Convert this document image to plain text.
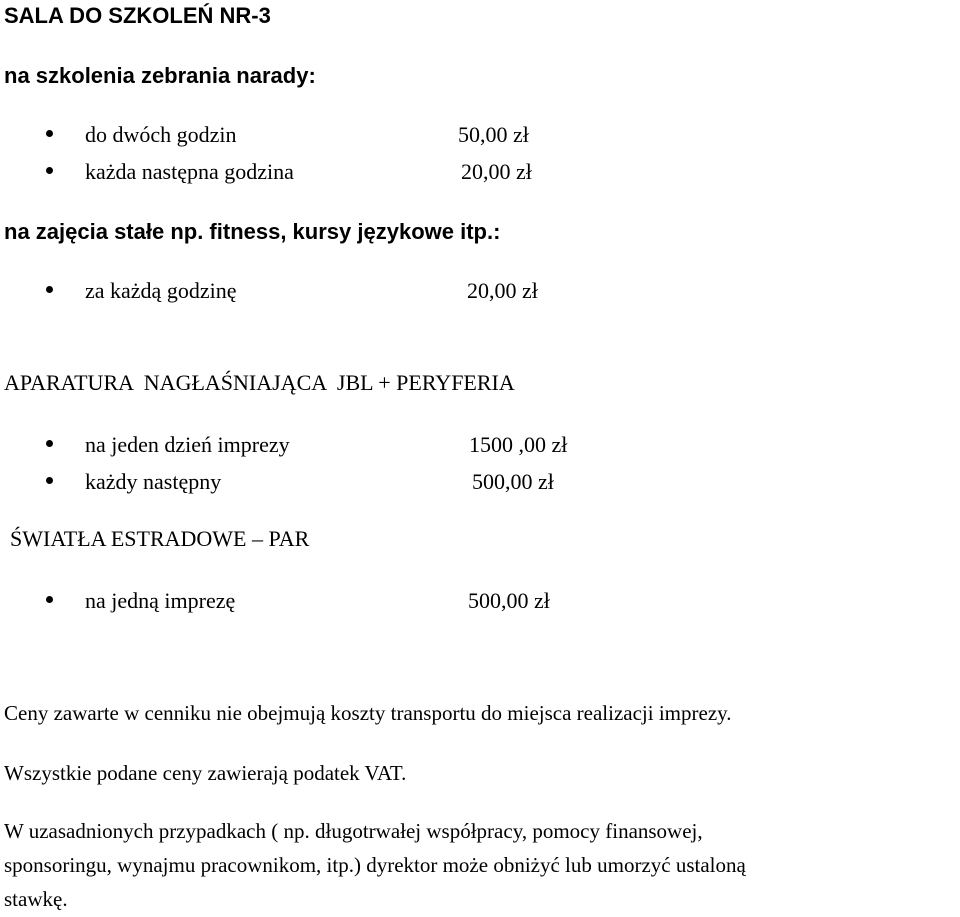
SALA DO SZKOLEŃ NR-3
na szkolenia zebrania narady:
do dwóch godzin	50,00 zł
każda następna godzina	20,00 zł
na zajęcia stałe np. fitness, kursy językowe itp.:
za każdą godzinę	20,00 zł
APARATURA  NAGŁAŚNIAJĄCA  JBL + PERYFERIA
na jeden dzień imprezy	1500 ,00 zł
każdy następny	500,00 zł
ŚWIATŁA ESTRADOWE – PAR
na jedną imprezę	500,00 zł
Ceny zawarte w cenniku nie obejmują koszty transportu do miejsca realizacji imprezy.
Wszystkie podane ceny zawierają podatek VAT.
W uzasadnionych przypadkach ( np. długotrwałej współpracy, pomocy finansowej,
sponsoringu, wynajmu pracownikom, itp.) dyrektor może obniżyć lub umorzyć ustaloną
stawkę.
